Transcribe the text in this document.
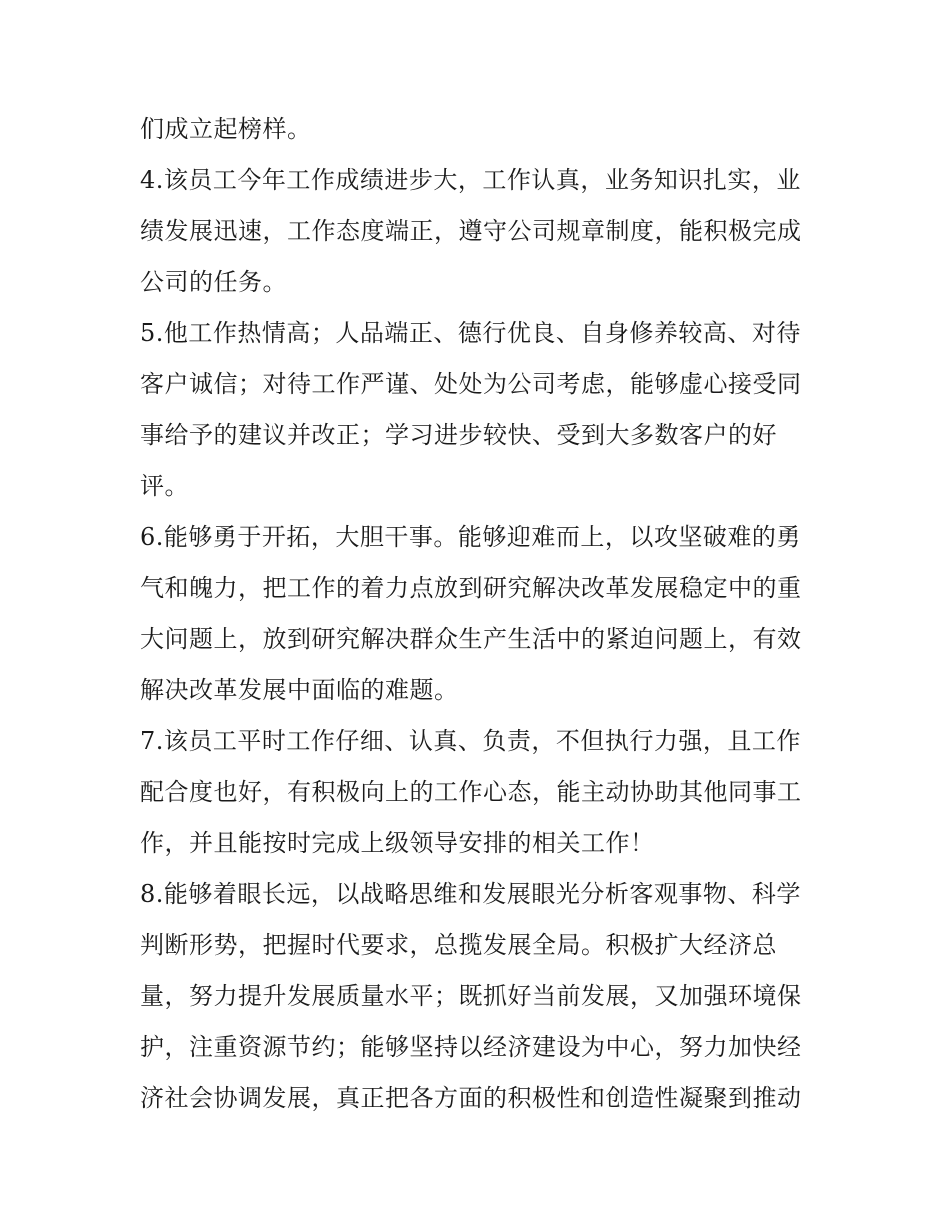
们成立起榜样。
4.该员工今年工作成绩进步大，工作认真，业务知识扎实，业
绩发展迅速，工作态度端正，遵守公司规章制度，能积极完成
公司的任务。
5.他工作热情高；人品端正、德行优良、自身修养较高、对待
客户诚信；对待工作严谨、处处为公司考虑，能够虚心接受同
事给予的建议并改正；学习进步较快、受到大多数客户的好
评。
6.能够勇于开拓，大胆干事。能够迎难而上，以攻坚破难的勇
气和魄力，把工作的着力点放到研究解决改革发展稳定中的重
大问题上，放到研究解决群众生产生活中的紧迫问题上，有效
解决改革发展中面临的难题。
7.该员工平时工作仔细、认真、负责，不但执行力强，且工作
配合度也好，有积极向上的工作心态，能主动协助其他同事工
作，并且能按时完成上级领导安排的相关工作！
8.能够着眼长远，以战略思维和发展眼光分析客观事物、科学
判断形势，把握时代要求，总揽发展全局。积极扩大经济总
量，努力提升发展质量水平；既抓好当前发展，又加强环境保
护，注重资源节约；能够坚持以经济建设为中心，努力加快经
济社会协调发展，真正把各方面的积极性和创造性凝聚到推动
